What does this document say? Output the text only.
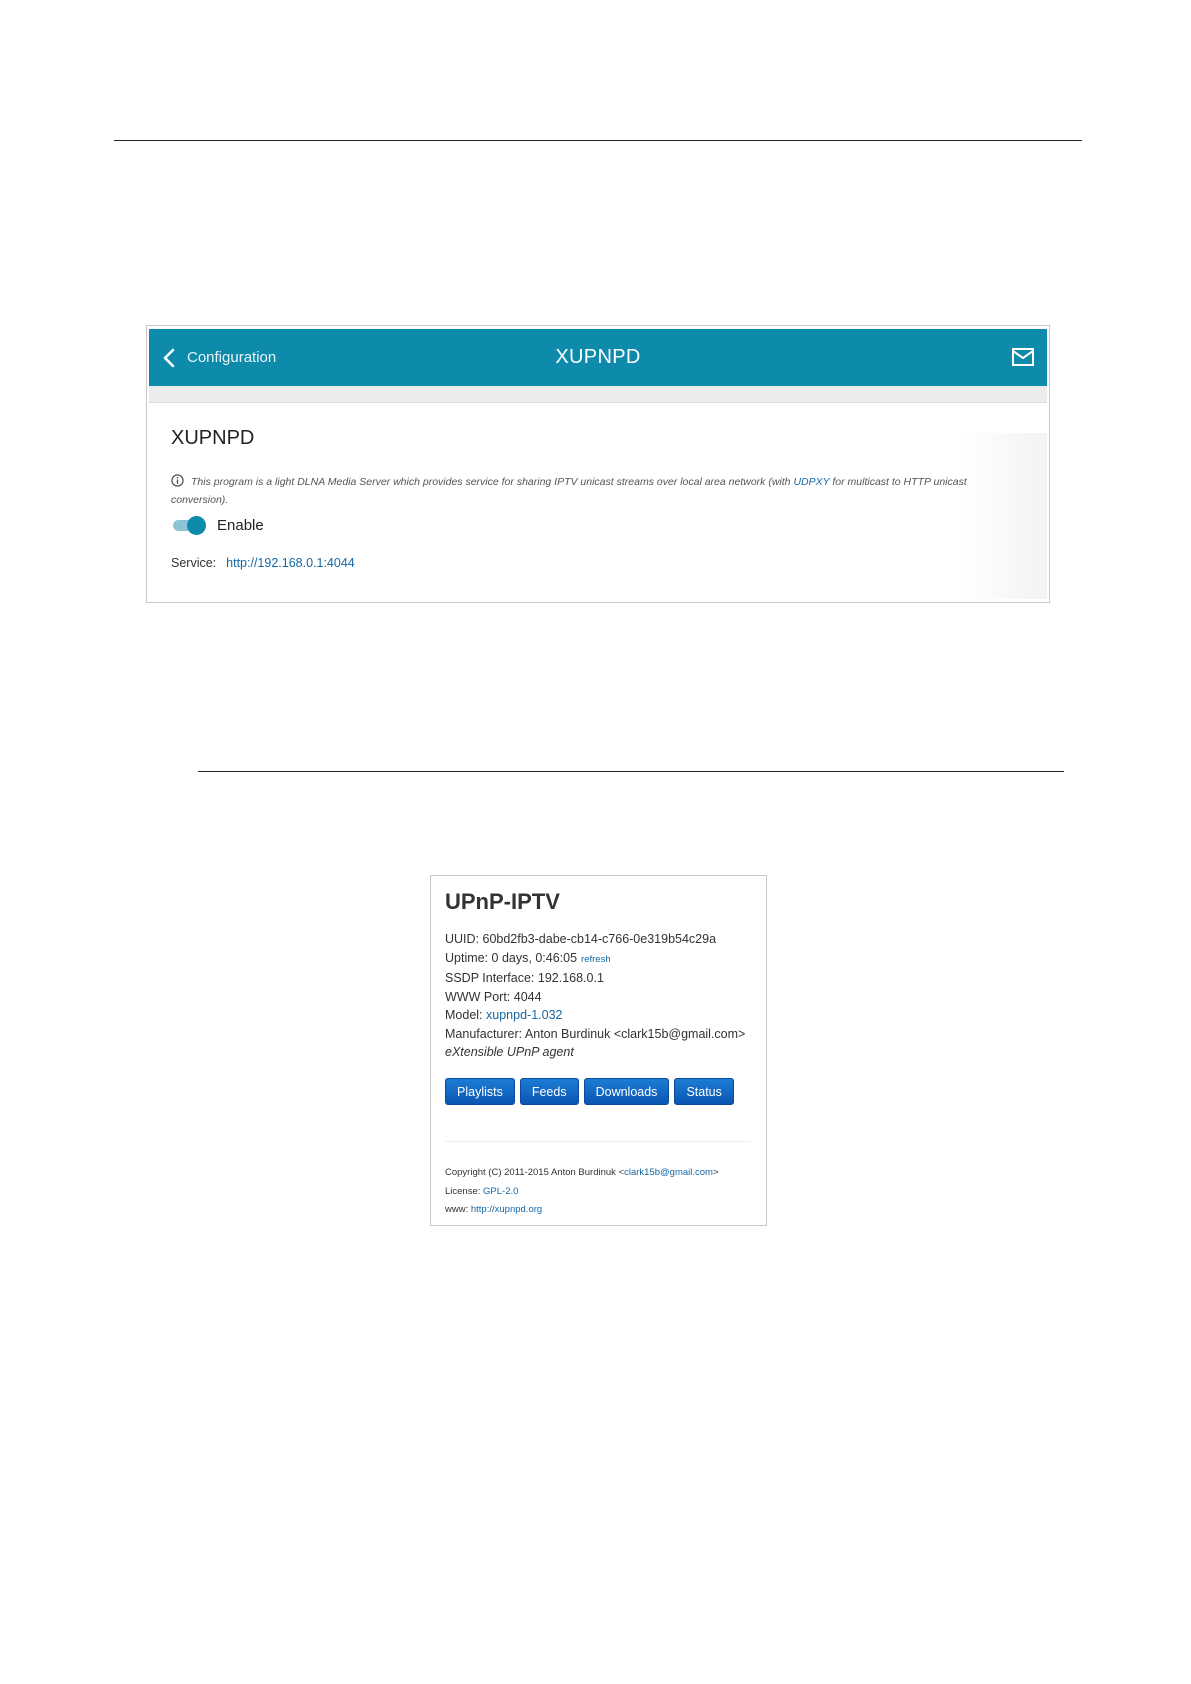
Configuration	XUPNPD
XUPNPD
This program is a light DLNA Media Server which provides service for sharing IPTV unicast streams over local area network (with UDPXY for multicast to HTTP unicast conversion).
Enable
Service: http://192.168.0.1:4044
UPnP-IPTV
UUID: 60bd2fb3-dabe-cb14-c766-0e319b54c29a
Uptime: 0 days, 0:46:05 refresh
SSDP Interface: 192.168.0.1
WWW Port: 4044
Model: xupnpd-1.032
Manufacturer: Anton Burdinuk <clark15b@gmail.com>
eXtensible UPnP agent
Playlists	Feeds	Downloads	Status
Copyright (C) 2011-2015 Anton Burdinuk <clark15b@gmail.com>
License: GPL-2.0
www: http://xupnpd.org
